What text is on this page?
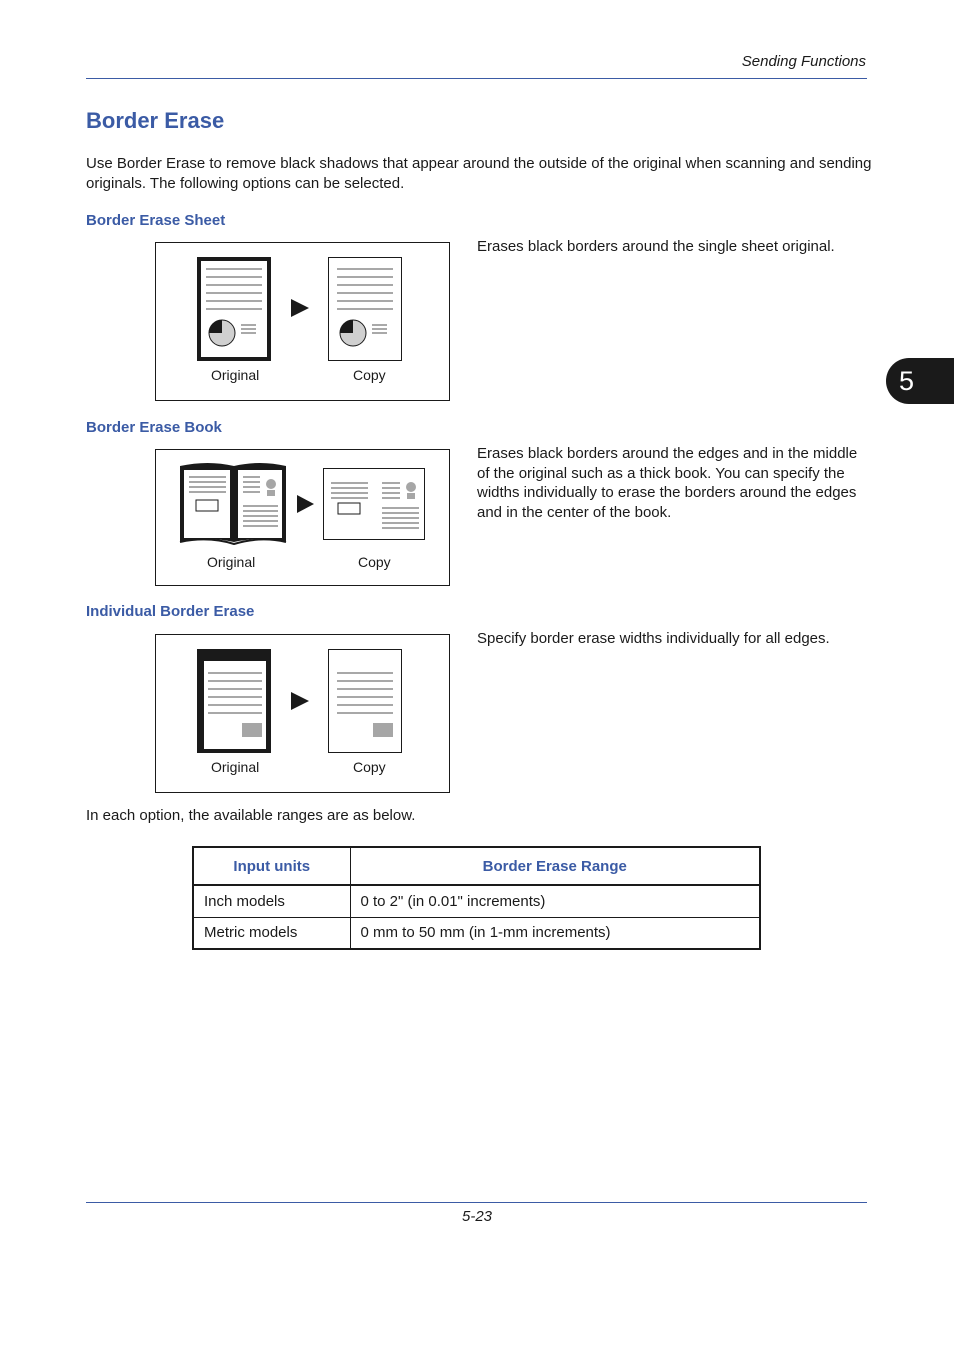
Sending Functions
5
Border Erase

Use Border Erase to remove black shadows that appear around the outside of the original when scanning and sending originals. The following options can be selected.

Border Erase Sheet

Erases black borders around the single sheet original.

Original	Copy
Border Erase Book

Erases black borders around the edges and in the middle of the original such as a thick book. You can specify the widths individually to erase the borders around the edges and in the center of the book.

Original	Copy
Individual Border Erase

Specify border erase widths individually for all edges.

Original	Copy

In each option, the available ranges are as below.

Input units	Border Erase Range
Inch models	0 to 2" (in 0.01" increments)
Metric models	0 mm to 50 mm (in 1-mm increments)
5-23
